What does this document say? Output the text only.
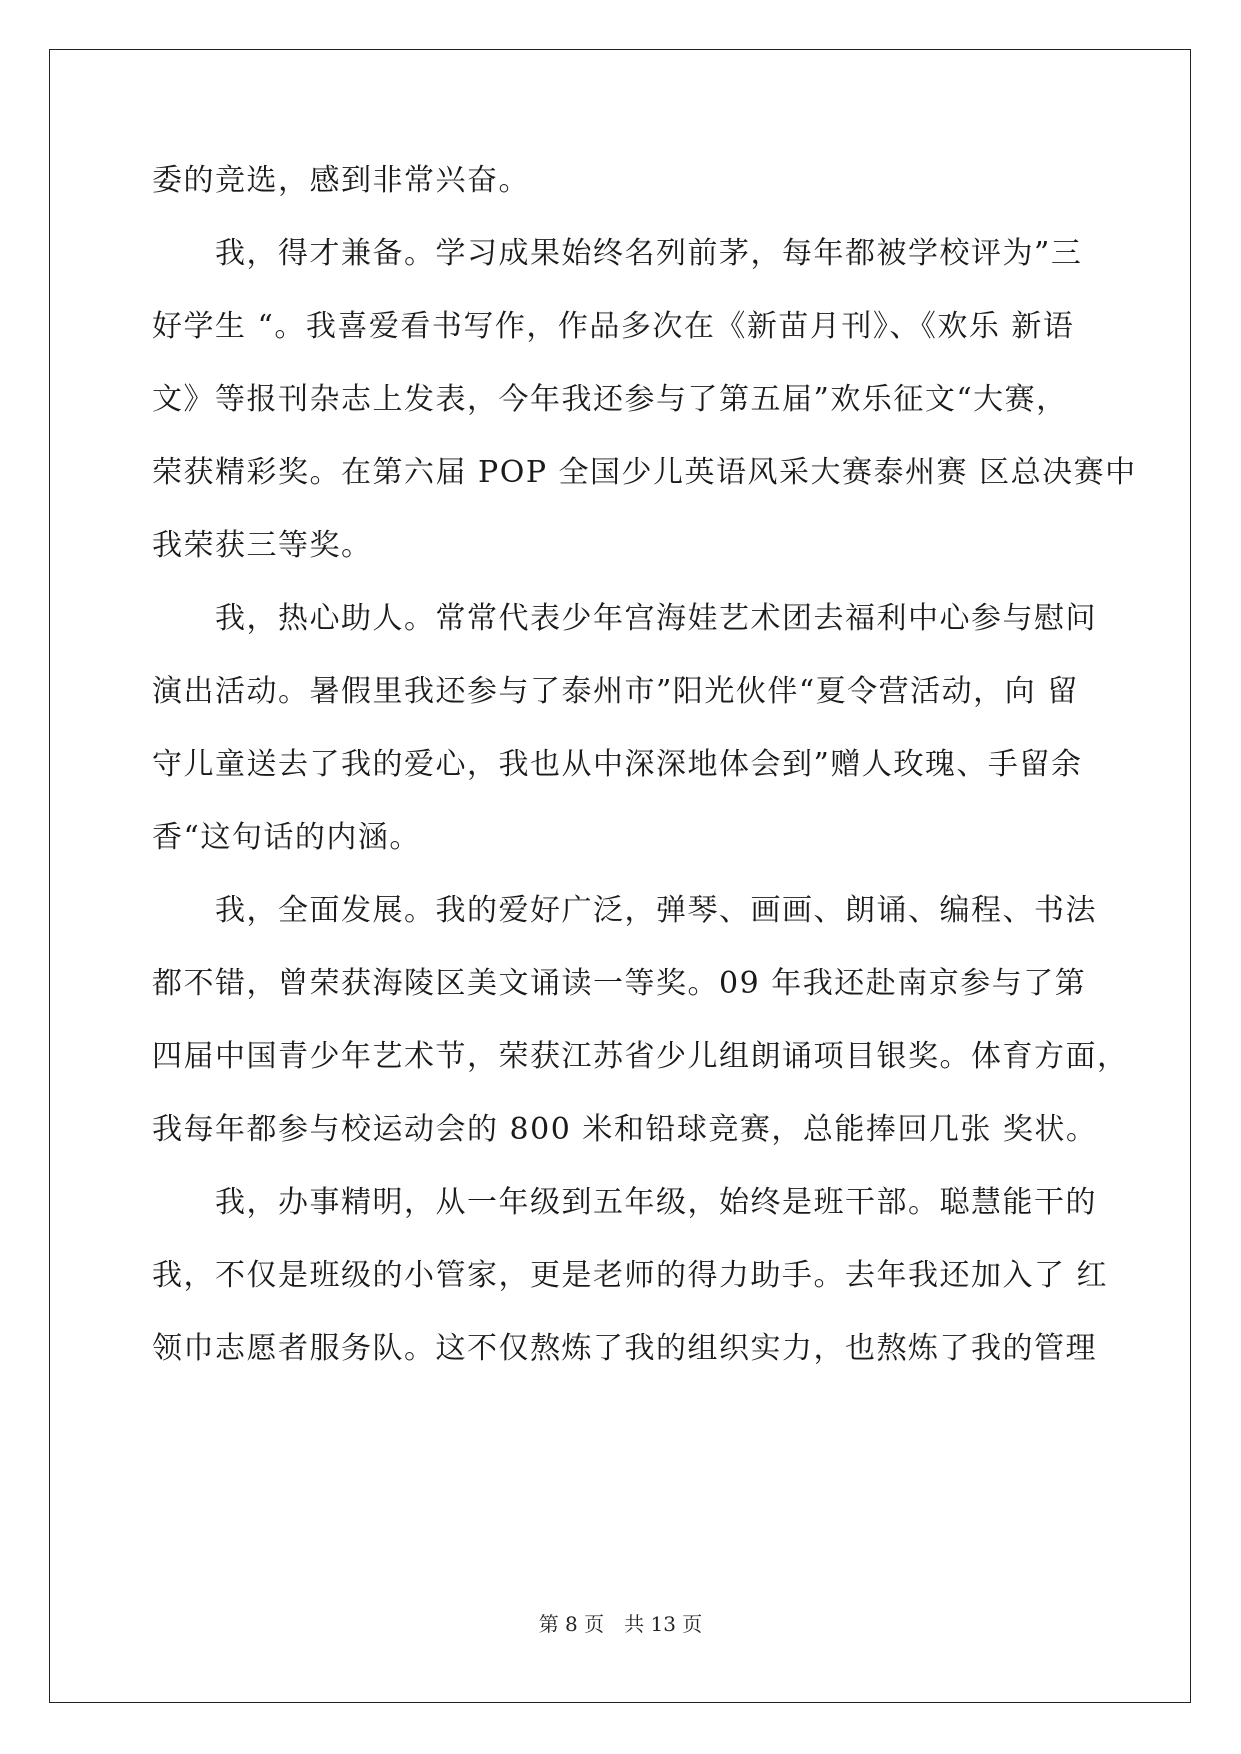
委的竞选，感到非常兴奋。
　　我，得才兼备。学习成果始终名列前茅，每年都被学校评为”三
好学生 “。我喜爱看书写作，作品多次在《新苗月刊》、《欢乐 新语
文》等报刊杂志上发表，今年我还参与了第五届”欢乐征文“大赛，
荣获精彩奖。在第六届 POP 全国少儿英语风采大赛泰州赛 区总决赛中
我荣获三等奖。
　　我，热心助人。常常代表少年宫海娃艺术团去福利中心参与慰问
演出活动。暑假里我还参与了泰州市”阳光伙伴“夏令营活动，向 留
守儿童送去了我的爱心，我也从中深深地体会到”赠人玫瑰、手留余
香“这句话的内涵。
　　我，全面发展。我的爱好广泛，弹琴、画画、朗诵、编程、书法
都不错，曾荣获海陵区美文诵读一等奖。09 年我还赴南京参与了第
四届中国青少年艺术节，荣获江苏省少儿组朗诵项目银奖。体育方面，
我每年都参与校运动会的 800 米和铅球竞赛，总能捧回几张 奖状。
　　我，办事精明，从一年级到五年级，始终是班干部。聪慧能干的
我，不仅是班级的小管家，更是老师的得力助手。去年我还加入了 红
领巾志愿者服务队。这不仅熬炼了我的组织实力，也熬炼了我的管理
第 8 页　共 13 页
